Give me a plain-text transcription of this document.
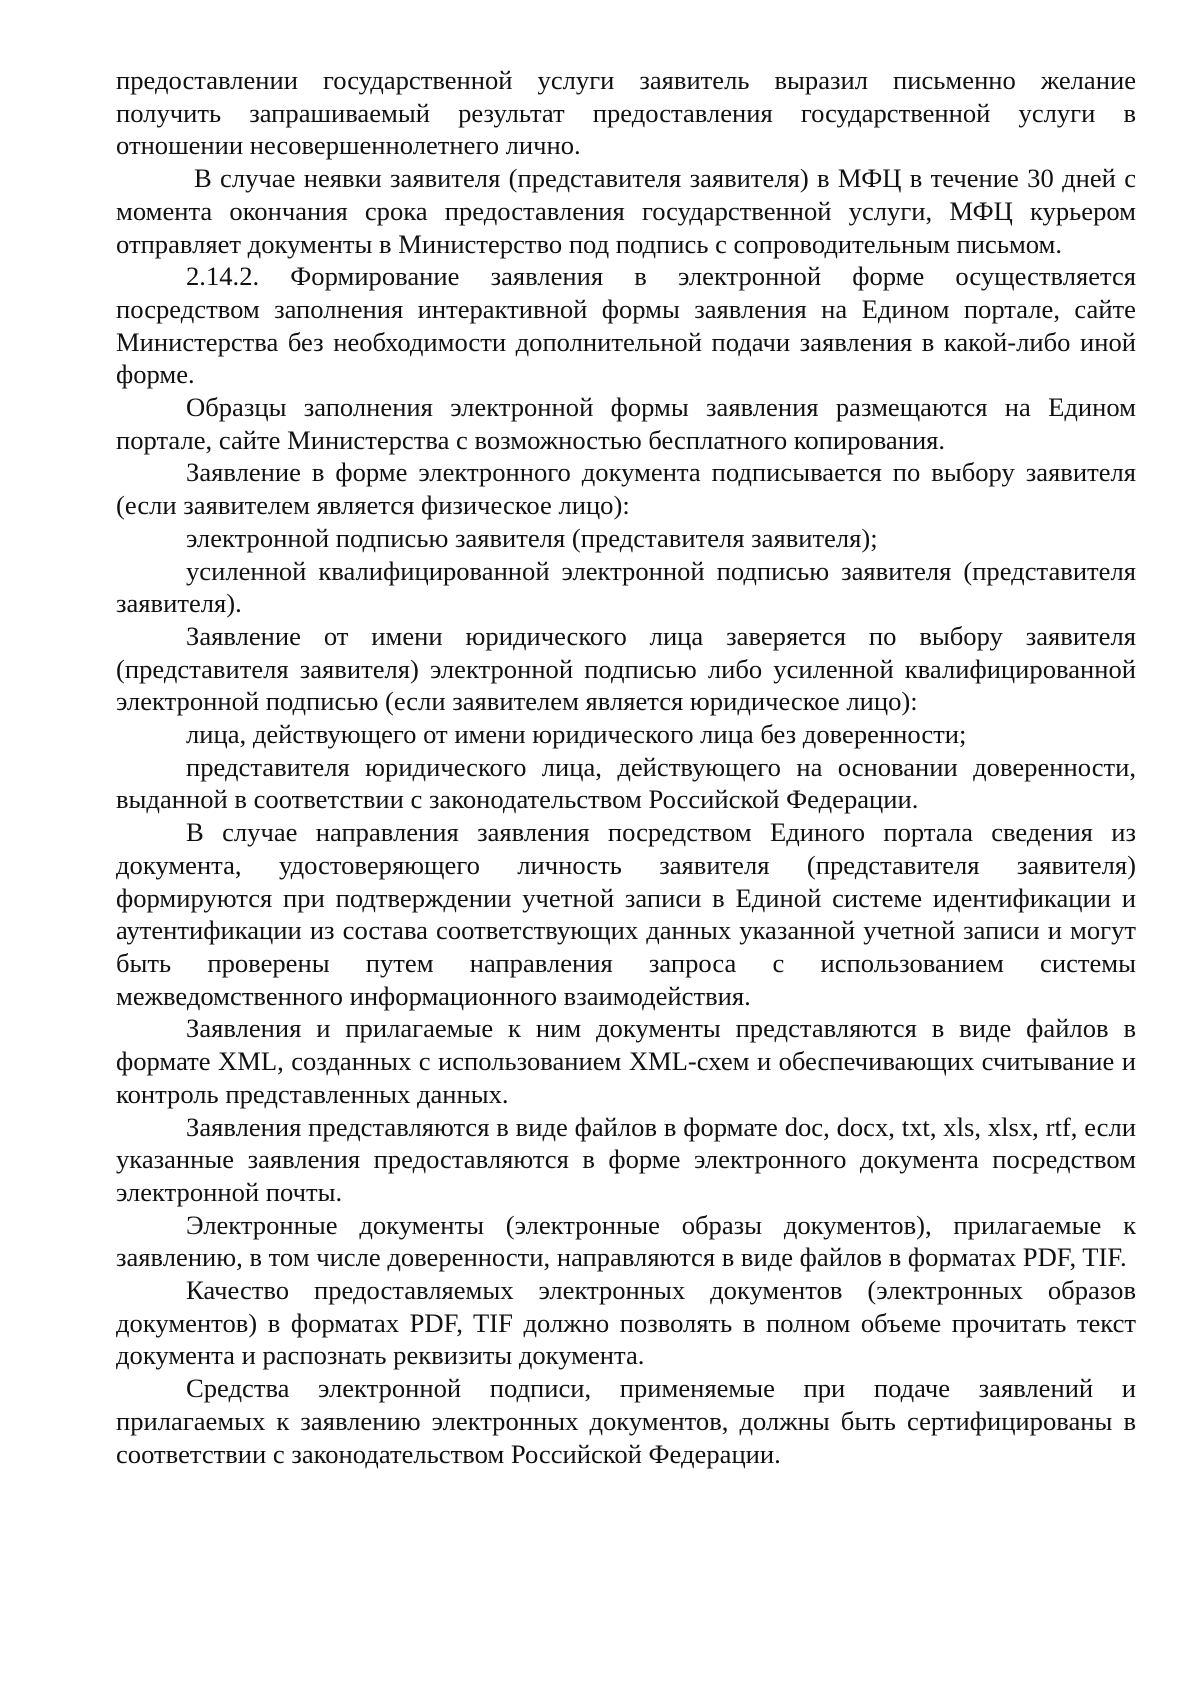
предоставлении государственной услуги заявитель выразил письменно желание получить запрашиваемый результат предоставления государственной услуги в отношении несовершеннолетнего лично.

В случае неявки заявителя (представителя заявителя) в МФЦ в течение 30 дней с момента окончания срока предоставления государственной услуги, МФЦ курьером отправляет документы в Министерство под подпись с сопроводительным письмом.

2.14.2. Формирование заявления в электронной форме осуществляется посредством заполнения интерактивной формы заявления на Едином портале, сайте Министерства без необходимости дополнительной подачи заявления в какой-либо иной форме.

Образцы заполнения электронной формы заявления размещаются на Едином портале, сайте Министерства с возможностью бесплатного копирования.

Заявление в форме электронного документа подписывается по выбору заявителя (если заявителем является физическое лицо):

электронной подписью заявителя (представителя заявителя);

усиленной квалифицированной электронной подписью заявителя (представителя заявителя).

Заявление от имени юридического лица заверяется по выбору заявителя (представителя заявителя) электронной подписью либо усиленной квалифицированной электронной подписью (если заявителем является юридическое лицо):

лица, действующего от имени юридического лица без доверенности;

представителя юридического лица, действующего на основании доверенности, выданной в соответствии с законодательством Российской Федерации.

В случае направления заявления посредством Единого портала сведения из документа, удостоверяющего личность заявителя (представителя заявителя) формируются при подтверждении учетной записи в Единой системе идентификации и аутентификации из состава соответствующих данных указанной учетной записи и могут быть проверены путем направления запроса с использованием системы межведомственного информационного взаимодействия.

Заявления и прилагаемые к ним документы представляются в виде файлов в формате XML, созданных с использованием XML-схем и обеспечивающих считывание и контроль представленных данных.

Заявления представляются в виде файлов в формате doc, docx, txt, xls, xlsx, rtf, если указанные заявления предоставляются в форме электронного документа посредством электронной почты.

Электронные документы (электронные образы документов), прилагаемые к заявлению, в том числе доверенности, направляются в виде файлов в форматах PDF, TIF.

Качество предоставляемых электронных документов (электронных образов документов) в форматах PDF, TIF должно позволять в полном объеме прочитать текст документа и распознать реквизиты документа.

Средства электронной подписи, применяемые при подаче заявлений и прилагаемых к заявлению электронных документов, должны быть сертифицированы в соответствии с законодательством Российской Федерации.
